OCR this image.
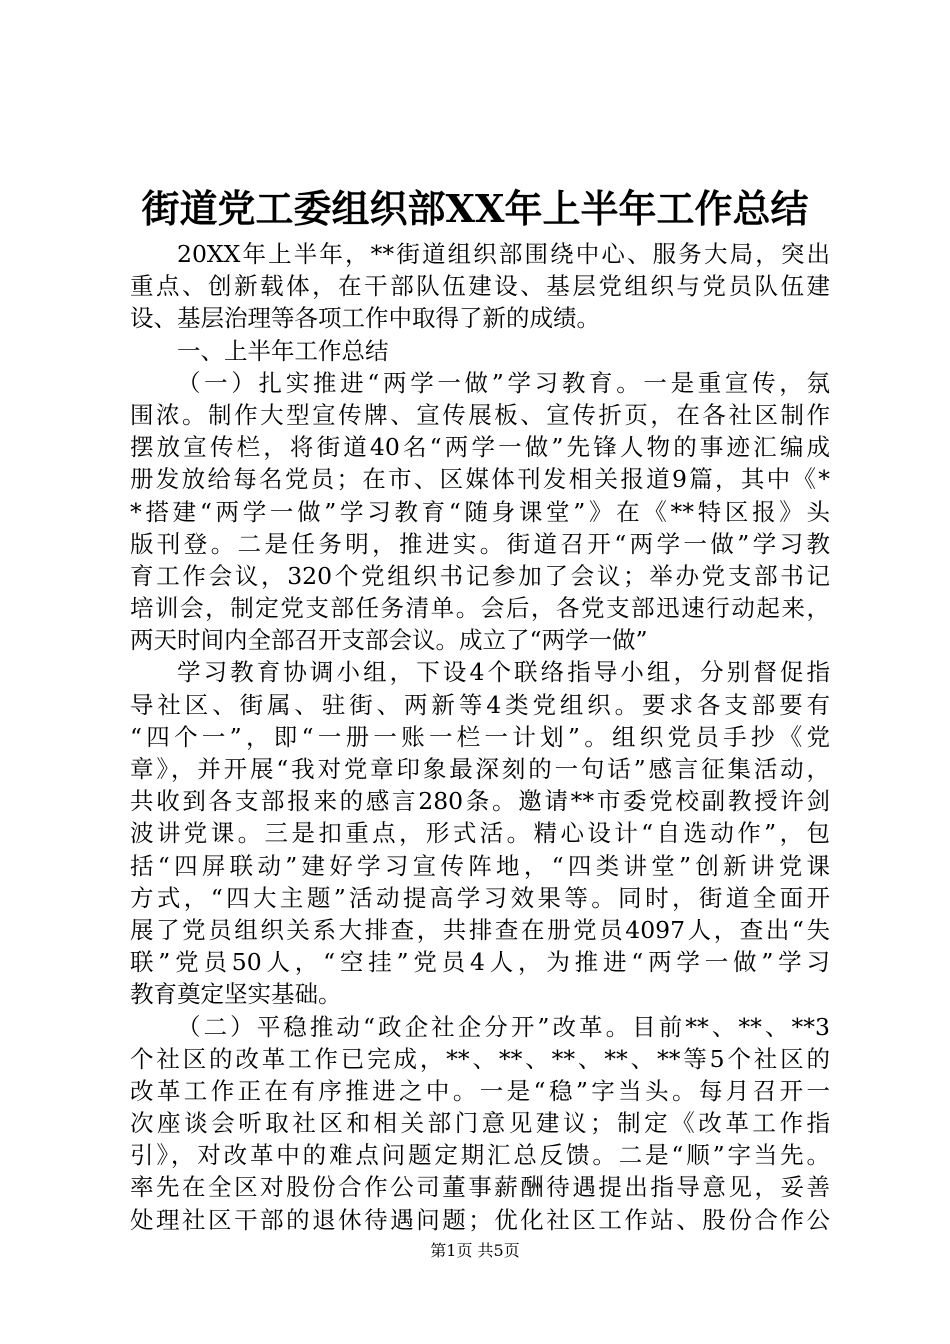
街道党工委组织部XX年上半年工作总结
20XX年上半年，**街道组织部围绕中心、服务大局，突出
重点、创新载体，在干部队伍建设、基层党组织与党员队伍建
设、基层治理等各项工作中取得了新的成绩。
一、上半年工作总结
（一）扎实推进“两学一做”学习教育。一是重宣传，氛
围浓。制作大型宣传牌、宣传展板、宣传折页，在各社区制作
摆放宣传栏，将街道40名“两学一做”先锋人物的事迹汇编成
册发放给每名党员；在市、区媒体刊发相关报道9篇，其中《*
*搭建“两学一做”学习教育“随身课堂”》在《**特区报》头
版刊登。二是任务明，推进实。街道召开“两学一做”学习教
育工作会议，320个党组织书记参加了会议；举办党支部书记
培训会，制定党支部任务清单。会后，各党支部迅速行动起来，
两天时间内全部召开支部会议。成立了“两学一做”
学习教育协调小组，下设4个联络指导小组，分别督促指
导社区、街属、驻街、两新等4类党组织。要求各支部要有
“四个一”，即“一册一账一栏一计划”。组织党员手抄《党
章》，并开展“我对党章印象最深刻的一句话”感言征集活动，
共收到各支部报来的感言280条。邀请**市委党校副教授许剑
波讲党课。三是扣重点，形式活。精心设计“自选动作”，包
括“四屏联动”建好学习宣传阵地，“四类讲堂”创新讲党课
方式，“四大主题”活动提高学习效果等。同时，街道全面开
展了党员组织关系大排查，共排查在册党员4097人，查出“失
联”党员50人，“空挂”党员4人，为推进“两学一做”学习
教育奠定坚实基础。
（二）平稳推动“政企社企分开”改革。目前**、**、**3
个社区的改革工作已完成，**、**、**、**、**等5个社区的
改革工作正在有序推进之中。一是“稳”字当头。每月召开一
次座谈会听取社区和相关部门意见建议；制定《改革工作指
引》，对改革中的难点问题定期汇总反馈。二是“顺”字当先。
率先在全区对股份合作公司董事薪酬待遇提出指导意见，妥善
处理社区干部的退休待遇问题；优化社区工作站、股份合作公
第1页 共5页
